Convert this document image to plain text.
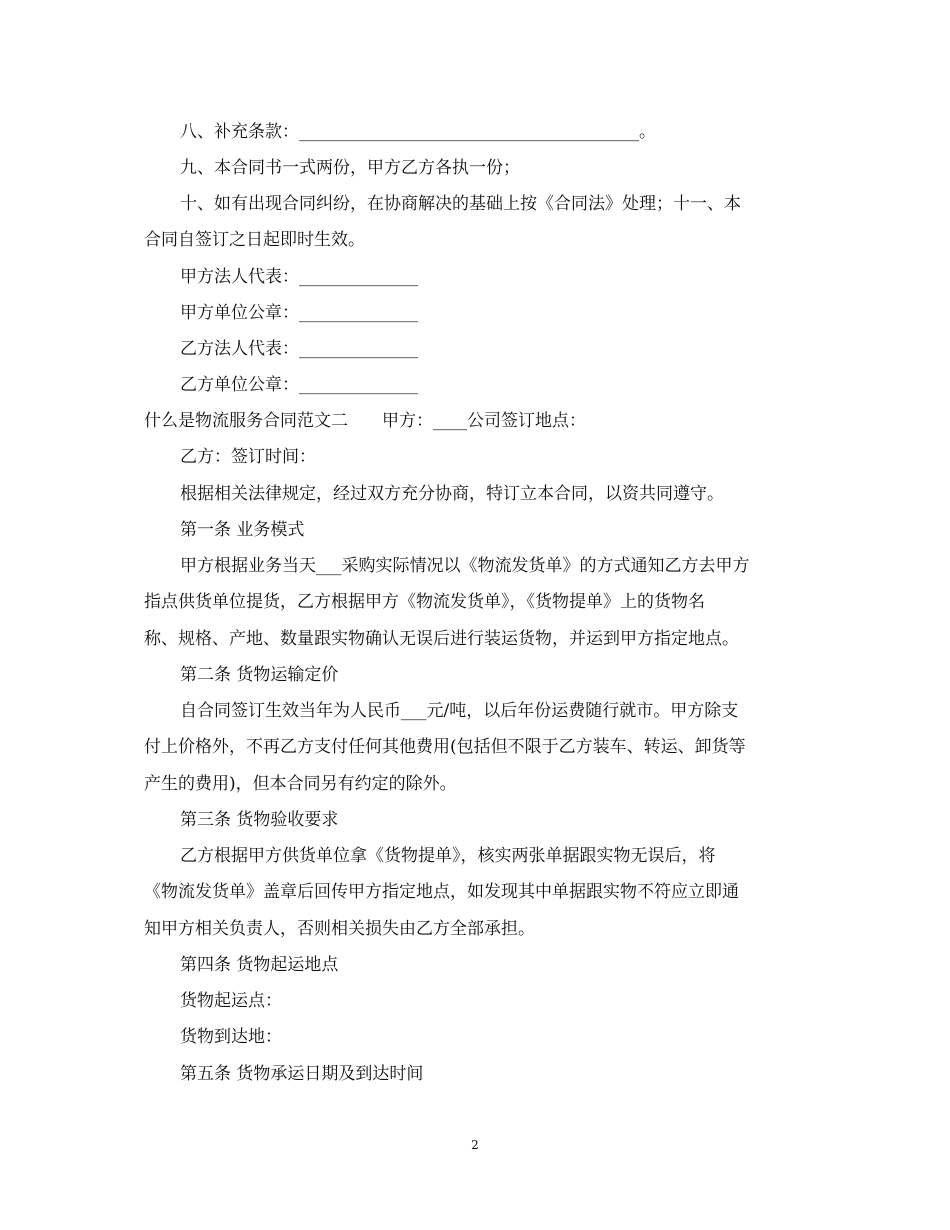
八、补充条款：________________________________________。
九、本合同书一式两份，甲方乙方各执一份；
十、如有出现合同纠纷，在协商解决的基础上按《合同法》处理；十一、本
合同自签订之日起即时生效。
甲方法人代表：______________
甲方单位公章：______________
乙方法人代表：______________
乙方单位公章：______________
什么是物流服务合同范文二　　甲方：____公司签订地点：
乙方：签订时间：
根据相关法律规定，经过双方充分协商，特订立本合同，以资共同遵守。
第一条 业务模式
甲方根据业务当天___采购实际情况以《物流发货单》的方式通知乙方去甲方
指点供货单位提货，乙方根据甲方《物流发货单》，《货物提单》上的货物名
称、规格、产地、数量跟实物确认无误后进行装运货物，并运到甲方指定地点。
第二条 货物运输定价
自合同签订生效当年为人民币___元/吨，以后年份运费随行就市。甲方除支
付上价格外，不再乙方支付任何其他费用(包括但不限于乙方装车、转运、卸货等
产生的费用)，但本合同另有约定的除外。
第三条 货物验收要求
乙方根据甲方供货单位拿《货物提单》，核实两张单据跟实物无误后，将
《物流发货单》盖章后回传甲方指定地点，如发现其中单据跟实物不符应立即通
知甲方相关负责人，否则相关损失由乙方全部承担。
第四条 货物起运地点
货物起运点：
货物到达地：
第五条 货物承运日期及到达时间
2
